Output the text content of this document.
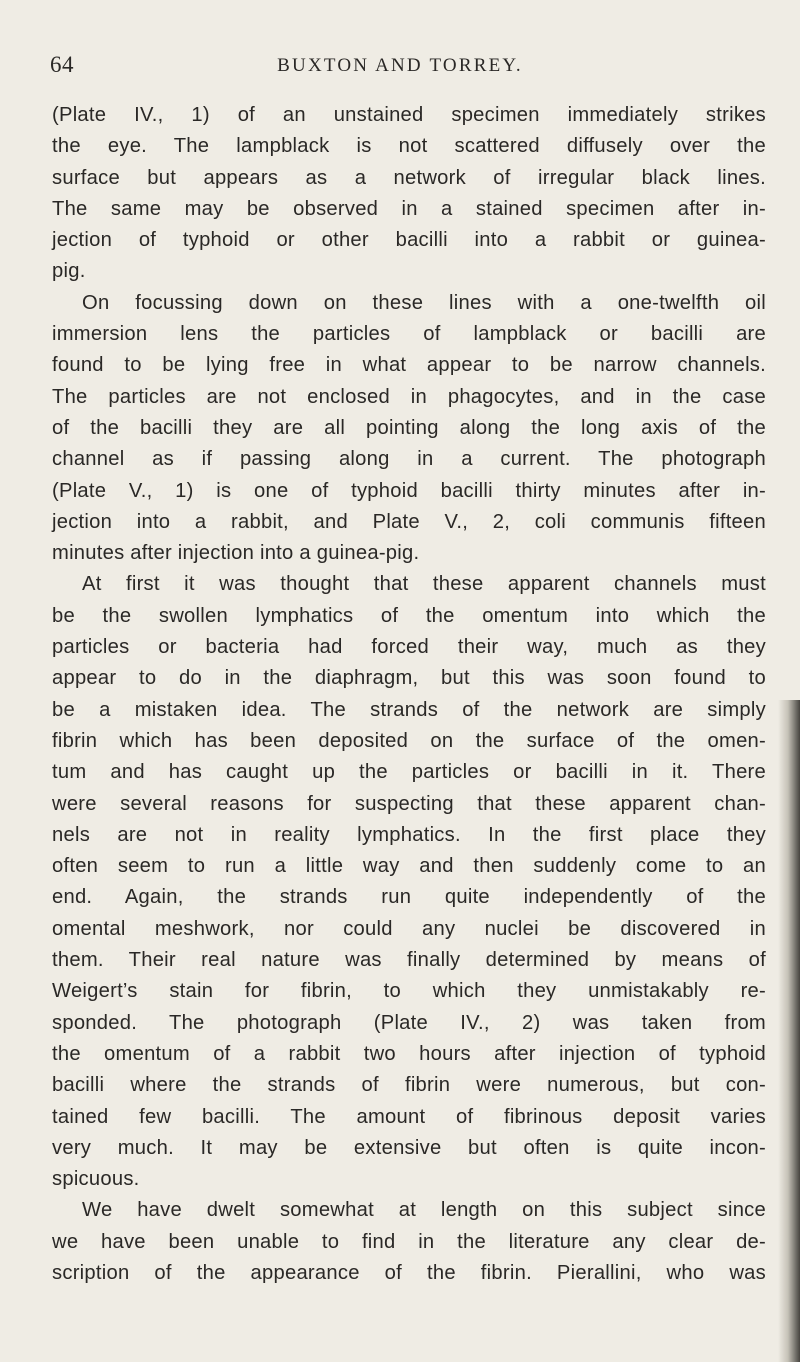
64	BUXTON AND TORREY.
(Plate IV., 1) of an unstained specimen immediately strikes
the eye. The lampblack is not scattered diffusely over the
surface but appears as a network of irregular black lines.
The same may be observed in a stained specimen after in-
jection of typhoid or other bacilli into a rabbit or guinea-
pig.
On focussing down on these lines with a one-twelfth oil
immersion lens the particles of lampblack or bacilli are
found to be lying free in what appear to be narrow channels.
The particles are not enclosed in phagocytes, and in the case
of the bacilli they are all pointing along the long axis of the
channel as if passing along in a current. The photograph
(Plate V., 1) is one of typhoid bacilli thirty minutes after in-
jection into a rabbit, and Plate V., 2, coli communis fifteen
minutes after injection into a guinea-pig.
At first it was thought that these apparent channels must
be the swollen lymphatics of the omentum into which the
particles or bacteria had forced their way, much as they
appear to do in the diaphragm, but this was soon found to
be a mistaken idea. The strands of the network are simply
fibrin which has been deposited on the surface of the omen-
tum and has caught up the particles or bacilli in it. There
were several reasons for suspecting that these apparent chan-
nels are not in reality lymphatics. In the first place they
often seem to run a little way and then suddenly come to an
end. Again, the strands run quite independently of the
omental meshwork, nor could any nuclei be discovered in
them. Their real nature was finally determined by means of
Weigert’s stain for fibrin, to which they unmistakably re-
sponded. The photograph (Plate IV., 2) was taken from
the omentum of a rabbit two hours after injection of typhoid
bacilli where the strands of fibrin were numerous, but con-
tained few bacilli. The amount of fibrinous deposit varies
very much. It may be extensive but often is quite incon-
spicuous.
We have dwelt somewhat at length on this subject since
we have been unable to find in the literature any clear de-
scription of the appearance of the fibrin. Pierallini, who was
